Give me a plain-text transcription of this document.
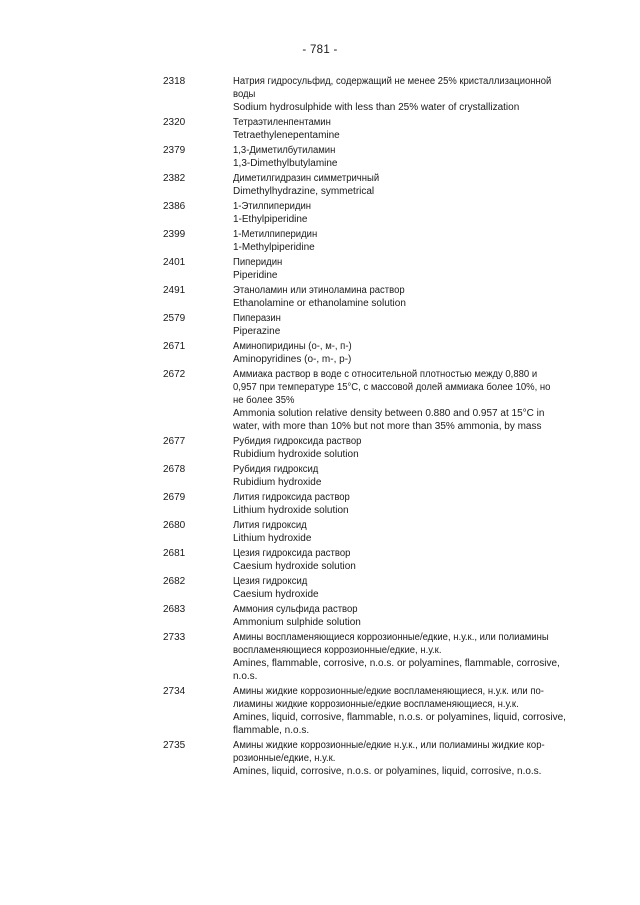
- 781 -
2318	Натрия гидросульфид, содержащий не менее 25% кристаллизационной
воды
Sodium hydrosulphide with less than 25% water of crystallization
2320	Тетраэтиленпентамин
Tetraethylenepentamine
2379	1,3-Диметилбутиламин
1,3-Dimethylbutylamine
2382	Диметилгидразин симметричный
Dimethylhydrazine, symmetrical
2386	1-Этилпиперидин
1-Ethylpiperidine
2399	1-Метилпиперидин
1-Methylpiperidine
2401	Пиперидин
Piperidine
2491	Этаноламин или этиноламина раствор
Ethanolamine or ethanolamine solution
2579	Пиперазин
Piperazine
2671	Аминопиридины (о-, м-, п-)
Aminopyridines (o-, m-, p-)
2672	Аммиака раствор в воде с относительной плотностью между 0,880 и
0,957 при температуре 15°С, с массовой долей аммиака более 10%, но
не более 35%
Ammonia solution relative density between 0.880 and 0.957 at 15°C in
water, with more than 10% but not more than 35% ammonia, by mass
2677	Рубидия гидроксида раствор
Rubidium hydroxide solution
2678	Рубидия гидроксид
Rubidium hydroxide
2679	Лития гидроксида раствор
Lithium hydroxide solution
2680	Лития гидроксид
Lithium hydroxide
2681	Цезия гидроксида раствор
Caesium hydroxide solution
2682	Цезия гидроксид
Caesium hydroxide
2683	Аммония сульфида раствор
Ammonium sulphide solution
2733	Амины воспламеняющиеся коррозионные/едкие, н.у.к., или полиамины
воспламеняющиеся коррозионные/едкие, н.у.к.
Amines, flammable, corrosive, n.o.s. or polyamines, flammable, corrosive,
n.o.s.
2734	Амины жидкие коррозионные/едкие воспламеняющиеся, н.у.к. или по-
лиамины жидкие коррозионные/едкие воспламеняющиеся, н.у.к.
Amines, liquid, corrosive, flammable, n.o.s. or polyamines, liquid, corrosive,
flammable, n.o.s.
2735	Амины жидкие коррозионные/едкие н.у.к., или полиамины жидкие кор-
розионные/едкие, н.у.к.
Amines, liquid, corrosive, n.o.s. or polyamines, liquid, corrosive, n.o.s.
